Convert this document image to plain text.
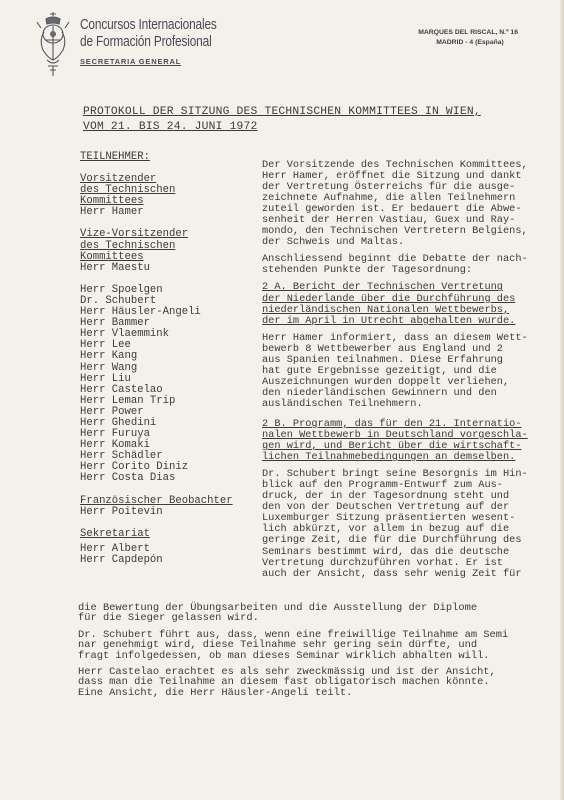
Concursos Internacionales
de Formación Profesional
SECRETARIA GENERAL
MARQUES DEL RISCAL, N.º 16
MADRID - 4 (España)
PROTOKOLL DER SITZUNG DES TECHNISCHEN KOMMITTEES IN WIEN,
VOM 21. BIS 24. JUNI 1972
TEILNEHMER:
Vorsitzender
des Technischen
Kommittees
Herr Hamer
Vize-Vorsitzender
des Technischen
Kommittees
Herr Maestu
Herr Spoelgen
Dr. Schubert
Herr Häusler-Angeli
Herr Bammer
Herr Vlaemmink
Herr Lee
Herr Kang
Herr Wang
Herr Liu
Herr Castelao
Herr Leman Trip
Herr Power
Herr Ghedini
Herr Furuya
Herr Komaki
Herr Schädler
Herr Corito Diniz
Herr Costa Dias
Französischer Beobachter
Herr Poitevin
Sekretariat
Herr Albert
Herr Capdepón

Der Vorsitzende des Technischen Kommittees,
Herr Hamer, eröffnet die Sitzung und dankt
der Vertretung Österreichs für die ausge-
zeichnete Aufnahme, die allen Teilnehmern
zuteil geworden ist. Er bedauert die Abwe-
senheit der Herren Vastiau, Guex und Ray-
mondo, den Technischen Vertretern Belgiens,
der Schweis und Maltas.

Anschliessend beginnt die Debatte der nach-
stehenden Punkte der Tagesordnung:

2 A. Bericht der Technischen Vertretung
der Niederlande über die Durchführung des
niederländischen Nationalen Wettbewerbs,
der im April in Utrecht abgehalten wurde.

Herr Hamer informiert, dass an diesem Wett-
bewerb 8 Wettbewerber aus England und 2
aus Spanien teilnahmen. Diese Erfahrung
hat gute Ergebnisse gezeitigt, und die
Auszeichnungen wurden doppelt verliehen,
den niederländischen Gewinnern und den
ausländischen Teilnehmern.

2 B. Programm, das für den 21. Internatio-
nalen Wettbewerb in Deutschland vorgeschla-
gen wird, und Bericht über die wirtschaft-
lichen Teilnahmebedingungen an demselben.

Dr. Schubert bringt seine Besorgnis im Hin-
blick auf den Programm-Entwurf zum Aus-
druck, der in der Tagesordnung steht und
den von der Deutschen Vertretung auf der
Luxemburger Sitzung präsentierten wesent-
lich abkürzt, vor allem in bezug auf die
geringe Zeit, die für die Durchführung des
Seminars bestimmt wird, das die deutsche
Vertretung durchzuführen vorhat. Er ist
auch der Ansicht, dass sehr wenig Zeit für

die Bewertung der Übungsarbeiten und die Ausstellung der Diplome
für die Sieger gelassen wird.

Dr. Schubert führt aus, dass, wenn eine freiwillige Teilnahme am Semi
nar genehmigt wird, diese Teilnahme sehr gering sein dürfte, und
fragt infolgedessen, ob man dieses Seminar wirklich abhalten will.

Herr Castelao erachtet es als sehr zweckmässig und ist der Ansicht,
dass man die Teilnahme an diesem fast obligatorisch machen könnte.
Eine Ansicht, die Herr Häusler-Angeli teilt.
